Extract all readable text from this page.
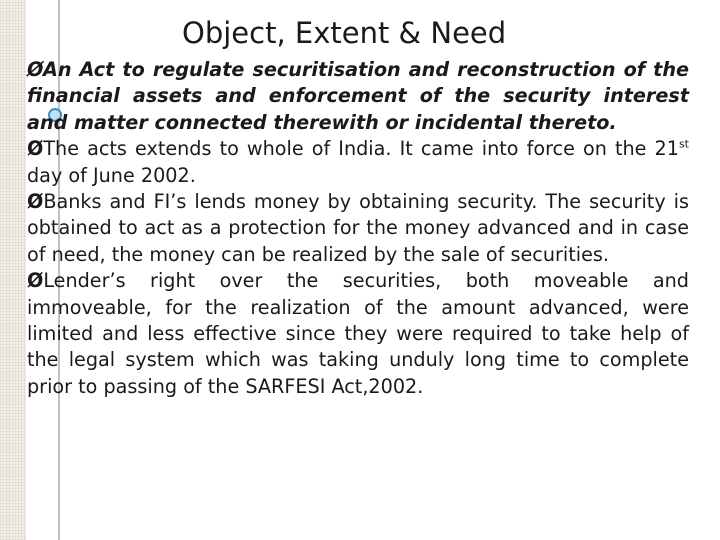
Object, Extent & Need

ØAn Act to regulate securitisation and reconstruction of the financial assets and enforcement of the security interest and matter connected therewith or incidental thereto.

ØThe acts extends to whole of India. It came into force on the 21st day of June 2002.

ØBanks and FI’s lends money by obtaining security. The security is obtained to act as a protection for the money advanced and in case of need, the money can be realized by the sale of securities.

ØLender’s right over the securities, both moveable and immoveable, for the realization of the amount advanced, were limited and less effective since they were required to take help of the legal system which was taking unduly long time to complete prior to passing of the SARFESI Act,2002.
